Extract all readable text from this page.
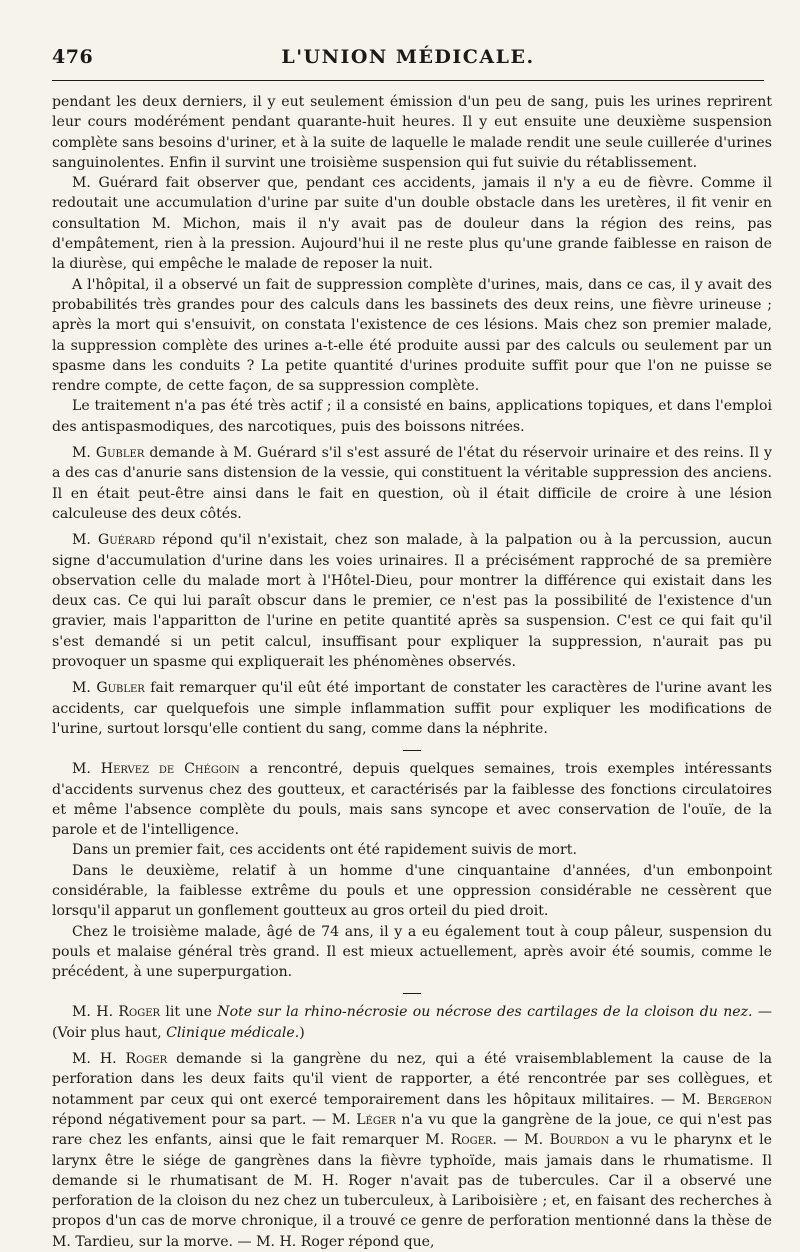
476	L'UNION MÉDICALE.

pendant les deux derniers, il y eut seulement émission d'un peu de sang, puis les urines reprirent leur cours modérément pendant quarante-huit heures. Il y eut ensuite une deuxième suspension complète sans besoins d'uriner, et à la suite de laquelle le malade rendit une seule cuillerée d'urines sanguinolentes. Enfin il survint une troisième suspension qui fut suivie du rétablissement.

M. Guérard fait observer que, pendant ces accidents, jamais il n'y a eu de fièvre. Comme il redoutait une accumulation d'urine par suite d'un double obstacle dans les uretères, il fit venir en consultation M. Michon, mais il n'y avait pas de douleur dans la région des reins, pas d'empâtement, rien à la pression. Aujourd'hui il ne reste plus qu'une grande faiblesse en raison de la diurèse, qui empêche le malade de reposer la nuit.

A l'hôpital, il a observé un fait de suppression complète d'urines, mais, dans ce cas, il y avait des probabilités très grandes pour des calculs dans les bassinets des deux reins, une fièvre urineuse ; après la mort qui s'ensuivit, on constata l'existence de ces lésions. Mais chez son premier malade, la suppression complète des urines a-t-elle été produite aussi par des calculs ou seulement par un spasme dans les conduits ? La petite quantité d'urines produite suffit pour que l'on ne puisse se rendre compte, de cette façon, de sa suppression complète.

Le traitement n'a pas été très actif ; il a consisté en bains, applications topiques, et dans l'emploi des antispasmodiques, des narcotiques, puis des boissons nitrées.

M. Gubler demande à M. Guérard s'il s'est assuré de l'état du réservoir urinaire et des reins. Il y a des cas d'anurie sans distension de la vessie, qui constituent la véritable suppression des anciens. Il en était peut-être ainsi dans le fait en question, où il était difficile de croire à une lésion calculeuse des deux côtés.

M. Guérard répond qu'il n'existait, chez son malade, à la palpation ou à la percussion, aucun signe d'accumulation d'urine dans les voies urinaires. Il a précisément rapproché de sa première observation celle du malade mort à l'Hôtel-Dieu, pour montrer la différence qui existait dans les deux cas. Ce qui lui paraît obscur dans le premier, ce n'est pas la possibilité de l'existence d'un gravier, mais l'apparitton de l'urine en petite quantité après sa suspension. C'est ce qui fait qu'il s'est demandé si un petit calcul, insuffisant pour expliquer la suppression, n'aurait pas pu provoquer un spasme qui expliquerait les phénomènes observés.

M. Gubler fait remarquer qu'il eût été important de constater les caractères de l'urine avant les accidents, car quelquefois une simple inflammation suffit pour expliquer les modifications de l'urine, surtout lorsqu'elle contient du sang, comme dans la néphrite.

M. Hervez de Chégoin a rencontré, depuis quelques semaines, trois exemples intéressants d'accidents survenus chez des goutteux, et caractérisés par la faiblesse des fonctions circulatoires et même l'absence complète du pouls, mais sans syncope et avec conservation de l'ouïe, de la parole et de l'intelligence.

Dans un premier fait, ces accidents ont été rapidement suivis de mort.

Dans le deuxième, relatif à un homme d'une cinquantaine d'années, d'un embonpoint considérable, la faiblesse extrême du pouls et une oppression considérable ne cessèrent que lorsqu'il apparut un gonflement goutteux au gros orteil du pied droit.

Chez le troisième malade, âgé de 74 ans, il y a eu également tout à coup pâleur, suspension du pouls et malaise général très grand. Il est mieux actuellement, après avoir été soumis, comme le précédent, à une superpurgation.

M. H. Roger lit une Note sur la rhino-nécrosie ou nécrose des cartilages de la cloison du nez. — (Voir plus haut, Clinique médicale.)

M. H. Roger demande si la gangrène du nez, qui a été vraisemblablement la cause de la perforation dans les deux faits qu'il vient de rapporter, a été rencontrée par ses collègues, et notamment par ceux qui ont exercé temporairement dans les hôpitaux militaires. — M. Bergeron répond négativement pour sa part. — M. Léger n'a vu que la gangrène de la joue, ce qui n'est pas rare chez les enfants, ainsi que le fait remarquer M. Roger. — M. Bourdon a vu le pharynx et le larynx être le siége de gangrènes dans la fièvre typhoïde, mais jamais dans le rhumatisme. Il demande si le rhumatisant de M. H. Roger n'avait pas de tubercules. Car il a observé une perforation de la cloison du nez chez un tuberculeux, à Lariboisière ; et, en faisant des recherches à propos d'un cas de morve chronique, il a trouvé ce genre de perforation mentionné dans la thèse de M. Tardieu, sur la morve. — M. H. Roger répond que,
